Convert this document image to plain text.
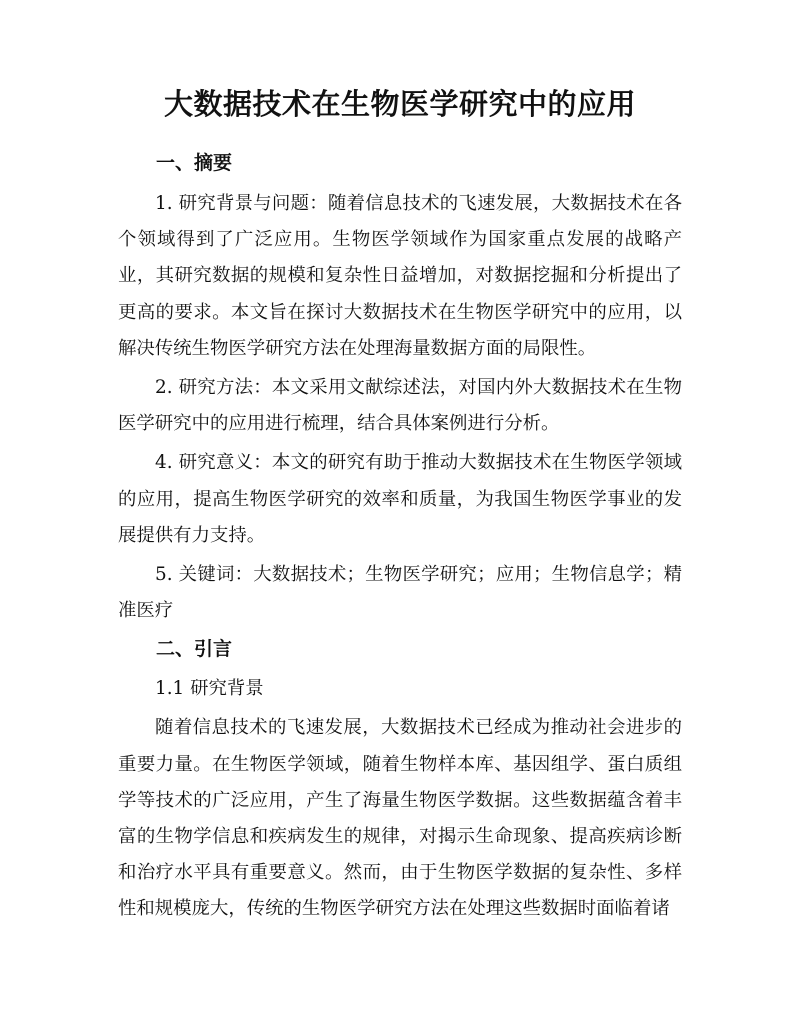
大数据技术在生物医学研究中的应用
一、摘要

1. 研究背景与问题：随着信息技术的飞速发展，大数据技术在各个领域得到了广泛应用。生物医学领域作为国家重点发展的战略产业，其研究数据的规模和复杂性日益增加，对数据挖掘和分析提出了更高的要求。本文旨在探讨大数据技术在生物医学研究中的应用，以解决传统生物医学研究方法在处理海量数据方面的局限性。

2. 研究方法：本文采用文献综述法，对国内外大数据技术在生物医学研究中的应用进行梳理，结合具体案例进行分析。

4. 研究意义：本文的研究有助于推动大数据技术在生物医学领域的应用，提高生物医学研究的效率和质量，为我国生物医学事业的发展提供有力支持。

5. 关键词：大数据技术；生物医学研究；应用；生物信息学；精准医疗

二、引言

1.1 研究背景

随着信息技术的飞速发展，大数据技术已经成为推动社会进步的重要力量。在生物医学领域，随着生物样本库、基因组学、蛋白质组学等技术的广泛应用，产生了海量生物医学数据。这些数据蕴含着丰富的生物学信息和疾病发生的规律，对揭示生命现象、提高疾病诊断和治疗水平具有重要意义。然而，由于生物医学数据的复杂性、多样性和规模庞大，传统的生物医学研究方法在处理这些数据时面临着诸
